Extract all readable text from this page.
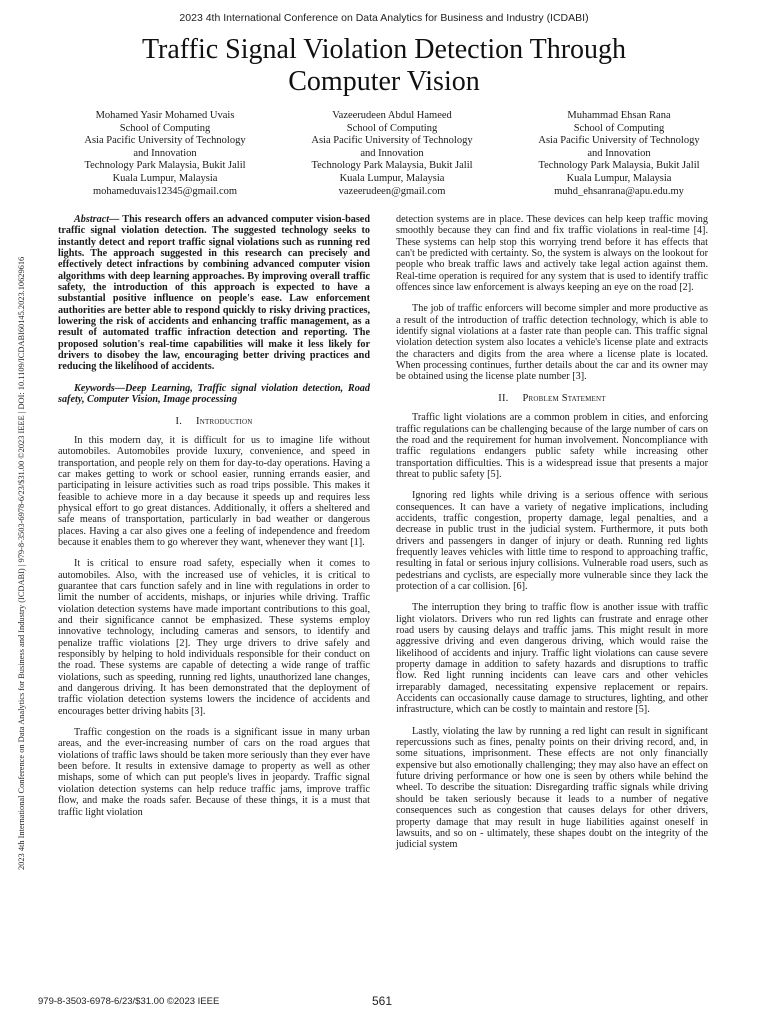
2023 4th International Conference on Data Analytics for Business and Industry (ICDABI)
Traffic Signal Violation Detection Through
Computer Vision
Mohamed Yasir Mohamed Uvais
School of Computing
Asia Pacific University of Technology
and Innovation
Technology Park Malaysia, Bukit Jalil
Kuala Lumpur, Malaysia
mohameduvais12345@gmail.com
Vazeerudeen Abdul Hameed
School of Computing
Asia Pacific University of Technology
and Innovation
Technology Park Malaysia, Bukit Jalil
Kuala Lumpur, Malaysia
vazeerudeen@gmail.com
Muhammad Ehsan Rana
School of Computing
Asia Pacific University of Technology
and Innovation
Technology Park Malaysia, Bukit Jalil
Kuala Lumpur, Malaysia
muhd_ehsanrana@apu.edu.my
2023 4th International Conference on Data Analytics for Business and Industry (ICDABI) | 979-8-3503-6978-6/23/$31.00 ©2023 IEEE | DOI: 10.1109/ICDABI60145.2023.10629616

Abstract— This research offers an advanced computer vision-based traffic signal violation detection. The suggested technology seeks to instantly detect and report traffic signal violations such as running red lights. The approach suggested in this research can precisely and effectively detect infractions by combining advanced computer vision algorithms with deep learning approaches. By improving overall traffic safety, the introduction of this approach is expected to have a substantial positive influence on people's ease. Law enforcement authorities are better able to respond quickly to risky driving practices, lowering the risk of accidents and enhancing traffic management, as a result of automated traffic infraction detection and reporting. The proposed solution's real-time capabilities will make it less likely for drivers to disobey the law, encouraging better driving practices and reducing the likelihood of accidents.

Keywords—Deep Learning, Traffic signal violation detection, Road safety, Computer Vision, Image processing

I. Introduction

In this modern day, it is difficult for us to imagine life without automobiles. Automobiles provide luxury, convenience, and speed in transportation, and people rely on them for day-to-day operations. Having a car makes getting to work or school easier, running errands easier, and participating in leisure activities such as road trips possible. This makes it feasible to achieve more in a day because it speeds up and requires less physical effort to go great distances. Additionally, it offers a sheltered and safe means of transportation, particularly in bad weather or dangerous places. Having a car also gives one a feeling of independence and freedom because it enables them to go wherever they want, whenever they want [1].

It is critical to ensure road safety, especially when it comes to automobiles. Also, with the increased use of vehicles, it is critical to guarantee that cars function safely and in line with regulations in order to limit the number of accidents, mishaps, or injuries while driving. Traffic violation detection systems have made important contributions to this goal, and their significance cannot be emphasized. These systems employ innovative technology, including cameras and sensors, to identify and penalize traffic violations [2]. They urge drivers to drive safely and responsibly by helping to hold individuals responsible for their conduct on the road. These systems are capable of detecting a wide range of traffic violations, such as speeding, running red lights, unauthorized lane changes, and dangerous driving. It has been demonstrated that the deployment of traffic violation detection systems lowers the incidence of accidents and encourages better driving habits [3].

Traffic congestion on the roads is a significant issue in many urban areas, and the ever-increasing number of cars on the road argues that violations of traffic laws should be taken more seriously than they ever have been before. It results in extensive damage to property as well as other mishaps, some of which can put people's lives in jeopardy. Traffic signal violation detection systems can help reduce traffic jams, improve traffic flow, and make the roads safer. Because of these things, it is a must that traffic light violation

detection systems are in place. These devices can help keep traffic moving smoothly because they can find and fix traffic violations in real-time [4]. These systems can help stop this worrying trend before it has effects that can't be predicted with certainty. So, the system is always on the lookout for people who break traffic laws and actively take legal action against them. Real-time operation is required for any system that is used to identify traffic offences since law enforcement is always keeping an eye on the road [2].

The job of traffic enforcers will become simpler and more productive as a result of the introduction of traffic detection technology, which is able to identify signal violations at a faster rate than people can. This traffic signal violation detection system also locates a vehicle's license plate and extracts the characters and digits from the area where a license plate is located. When processing continues, further details about the car and its owner may be obtained using the license plate number [3].

II. Problem Statement

Traffic light violations are a common problem in cities, and enforcing traffic regulations can be challenging because of the large number of cars on the road and the requirement for human involvement. Noncompliance with traffic regulations endangers public safety while increasing other transportation difficulties. This is a widespread issue that presents a major threat to public safety [5].

Ignoring red lights while driving is a serious offence with serious consequences. It can have a variety of negative implications, including accidents, traffic congestion, property damage, legal penalties, and a decrease in public trust in the judicial system. Furthermore, it puts both drivers and passengers in danger of injury or death. Running red lights frequently leaves vehicles with little time to respond to approaching traffic, resulting in fatal or serious injury collisions. Vulnerable road users, such as pedestrians and cyclists, are especially more vulnerable since they lack the protection of a car collision. [6].

The interruption they bring to traffic flow is another issue with traffic light violators. Drivers who run red lights can frustrate and enrage other road users by causing delays and traffic jams. This might result in more aggressive driving and even dangerous driving, which would raise the likelihood of accidents and injury. Traffic light violations can cause severe property damage in addition to safety hazards and disruptions to traffic flow. Red light running incidents can leave cars and other vehicles irreparably damaged, necessitating expensive replacement or repairs. Accidents can occasionally cause damage to structures, lighting, and other infrastructure, which can be costly to maintain and restore [5].

Lastly, violating the law by running a red light can result in significant repercussions such as fines, penalty points on their driving record, and, in some situations, imprisonment. These effects are not only financially expensive but also emotionally challenging; they may also have an effect on future driving performance or how one is seen by others while behind the wheel. To describe the situation: Disregarding traffic signals while driving should be taken seriously because it leads to a number of negative consequences such as congestion that causes delays for other drivers, property damage that may result in huge liabilities against oneself in lawsuits, and so on - ultimately, these shapes doubt on the integrity of the judicial system

979-8-3503-6978-6/23/$31.00 ©2023 IEEE	561
